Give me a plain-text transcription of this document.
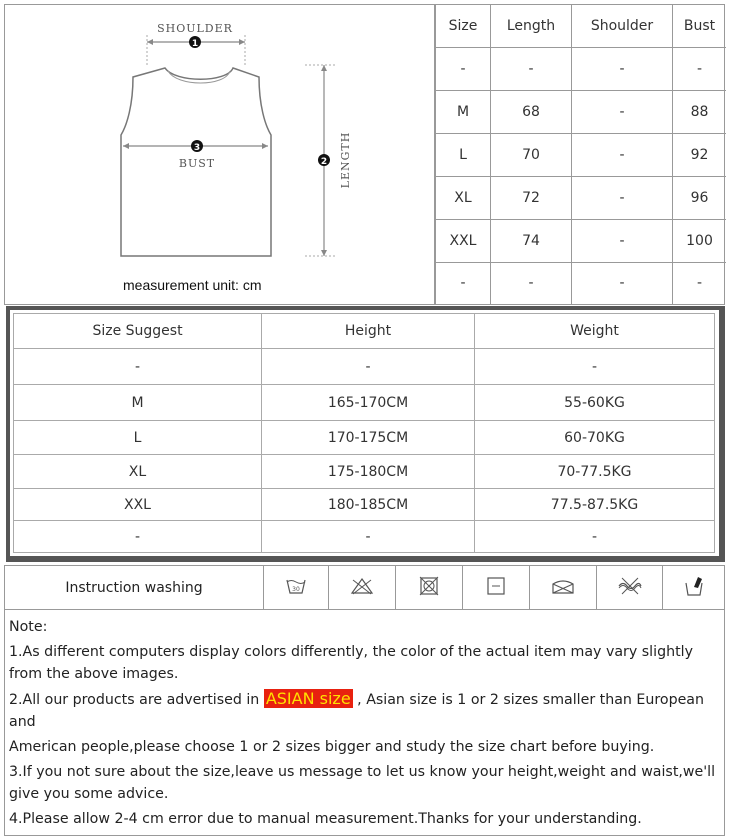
SHOULDER
1
3
BUST	2 LENGTH
measurement unit: cm
Size	Length	Shoulder	Bust
-	-	-	-
M	68	-	88
L	70	-	92
XL	72	-	96
XXL	74	-	100
-	-	-	-
Size Suggest	Height	Weight
-	-	-
M	165-170CM	55-60KG
L	170-175CM	60-70KG
XL	175-180CM	70-77.5KG
XXL	180-185CM	77.5-87.5KG
-	-	-
Instruction washing	30

Note:

1.As different computers display colors differently, the color of the actual item may vary slightly from the above images.

2.All our products are advertised in ASIAN size , Asian size is 1 or 2 sizes smaller than European and

American people,please choose 1 or 2 sizes bigger and study the size chart before buying.

3.If you not sure about the size,leave us message to let us know your height,weight and waist,we'll give you some advice.

4.Please allow 2-4 cm error due to manual measurement.Thanks for your understanding.
